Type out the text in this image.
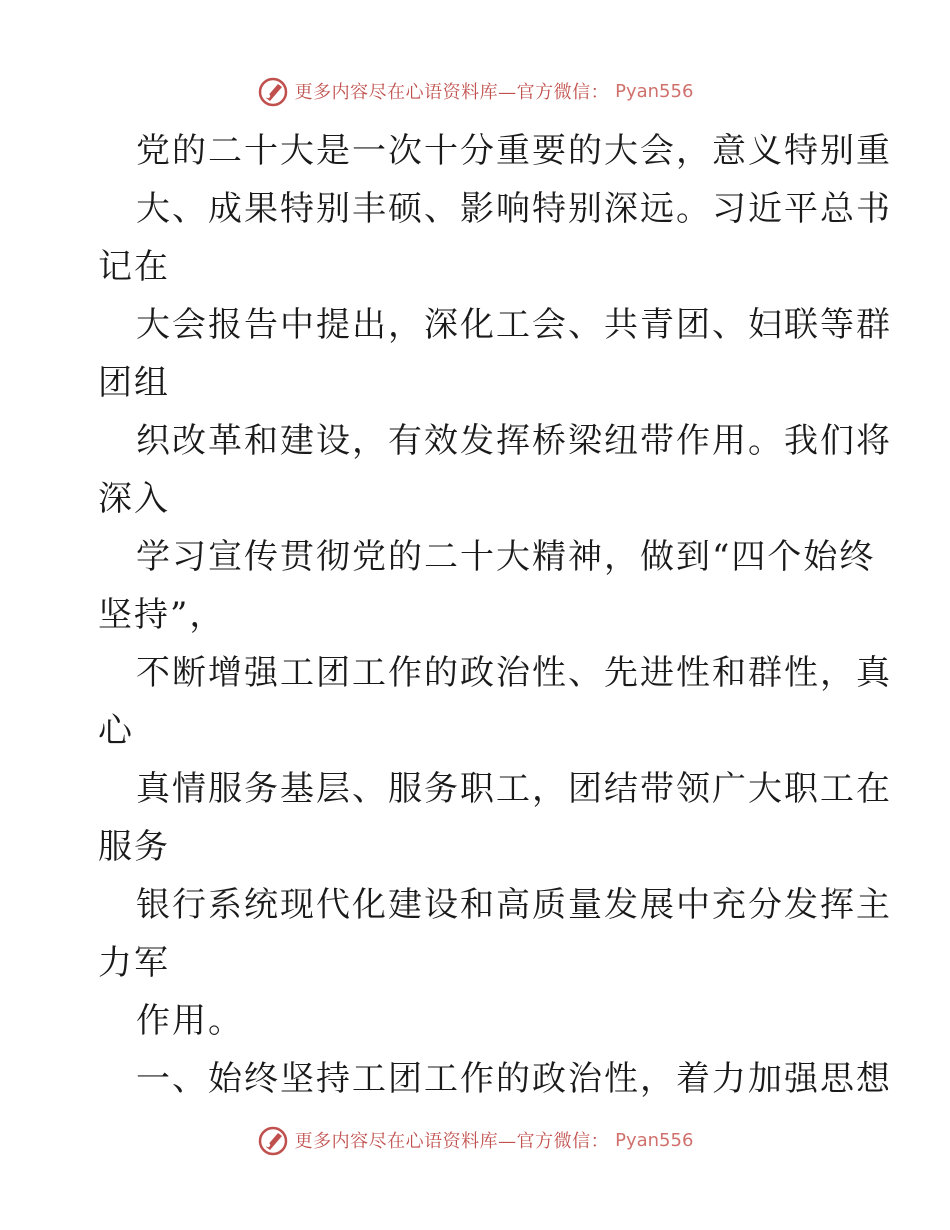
更多内容尽在心语资料库—官方微信： Pyan556
党的二十大是一次十分重要的大会，意义特别重
大、成果特别丰硕、影响特别深远。习近平总书
记在
大会报告中提出，深化工会、共青团、妇联等群
团组
织改革和建设，有效发挥桥梁纽带作用。我们将
深入
学习宣传贯彻党的二十大精神，做到“四个始终
坚持”，
不断增强工团工作的政治性、先进性和群性，真
心
真情服务基层、服务职工，团结带领广大职工在
服务
银行系统现代化建设和高质量发展中充分发挥主
力军
作用。
一、始终坚持工团工作的政治性，着力加强思想
更多内容尽在心语资料库—官方微信： Pyan556
